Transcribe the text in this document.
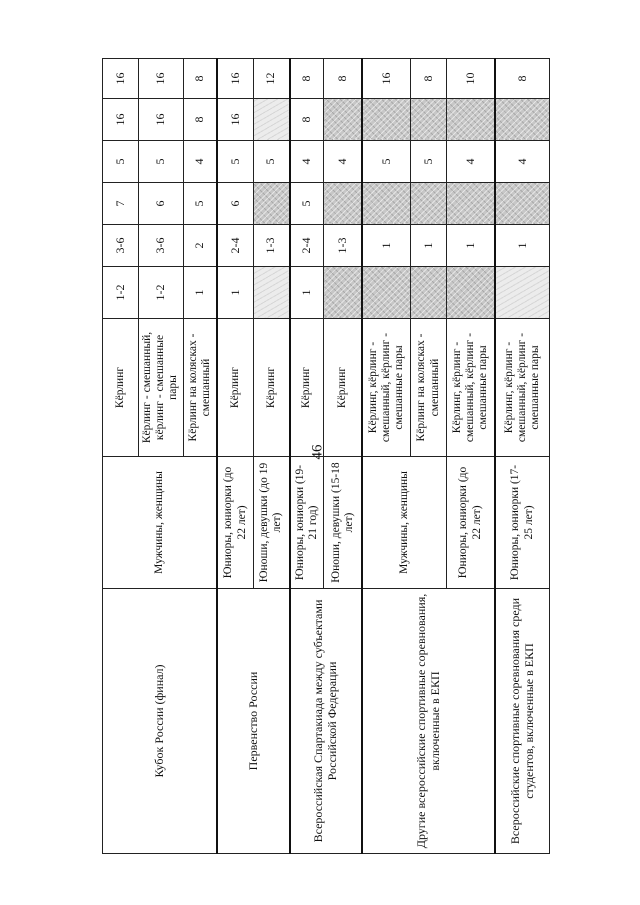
46
Кубок России (финал)	Мужчины, женщины	Кёрлинг	1-2	3-6	7	5	16	16
		Кёрлинг - смешанный, кёрлинг - смешанные пары	1-2	3-6	6	5	16	16
		Кёрлинг на колясках - смешанный	1	2	5	4	8	8
Первенство России	Юниоры, юниорки (до 22 лет)	Кёрлинг	1	2-4	6	5	16	16
	Юноши, девушки (до 19 лет)	Кёрлинг		1-3		5		12
Всероссийская Спартакиада между субъектами Российской Федерации	Юниоры, юниорки (19-21 год)	Кёрлинг	1	2-4	5	4	8	8
	Юноши, девушки (15-18 лет)	Кёрлинг		1-3		4		8
Другие всероссийские спортивные соревнования, включенные в ЕКП	Мужчины, женщины	Кёрлинг, кёрлинг - смешанный, кёрлинг - смешанные пары		1		5		16
		Кёрлинг на колясках - смешанный		1		5		8
	Юниоры, юниорки (до 22 лет)	Кёрлинг, кёрлинг - смешанный, кёрлинг - смешанные пары		1		4		10
Всероссийские спортивные соревнования среди студентов, включенные в ЕКП	Юниоры, юниорки (17-25 лет)	Кёрлинг, кёрлинг - смешанный, кёрлинг - смешанные пары		1		4		8
